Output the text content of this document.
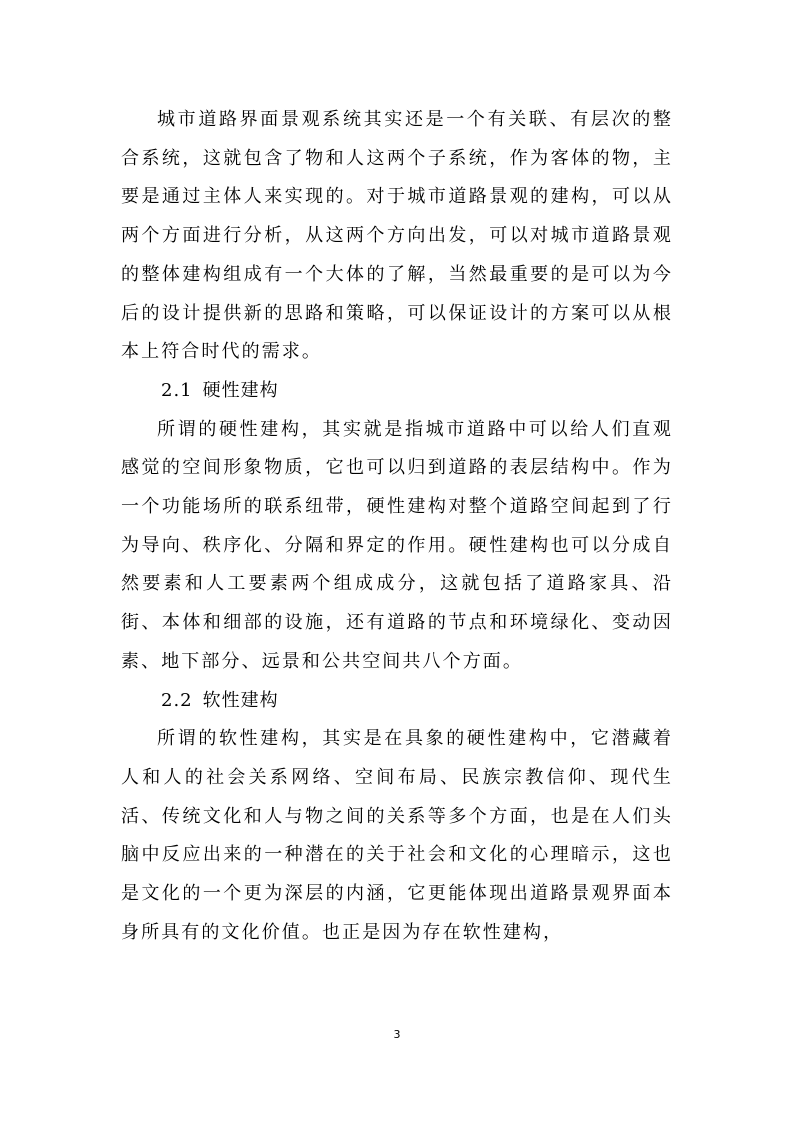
城市道路界面景观系统其实还是一个有关联、有层次的整合系统，这就包含了物和人这两个子系统，作为客体的物，主要是通过主体人来实现的。对于城市道路景观的建构，可以从两个方面进行分析，从这两个方向出发，可以对城市道路景观的整体建构组成有一个大体的了解，当然最重要的是可以为今后的设计提供新的思路和策略，可以保证设计的方案可以从根本上符合时代的需求。

2.1 硬性建构

所谓的硬性建构，其实就是指城市道路中可以给人们直观感觉的空间形象物质，它也可以归到道路的表层结构中。作为一个功能场所的联系纽带，硬性建构对整个道路空间起到了行为导向、秩序化、分隔和界定的作用。硬性建构也可以分成自然要素和人工要素两个组成成分，这就包括了道路家具、沿街、本体和细部的设施，还有道路的节点和环境绿化、变动因素、地下部分、远景和公共空间共八个方面。

2.2 软性建构

所谓的软性建构，其实是在具象的硬性建构中，它潜藏着人和人的社会关系网络、空间布局、民族宗教信仰、现代生活、传统文化和人与物之间的关系等多个方面，也是在人们头脑中反应出来的一种潜在的关于社会和文化的心理暗示，这也是文化的一个更为深层的内涵，它更能体现出道路景观界面本身所具有的文化价值。也正是因为存在软性建构，

3
